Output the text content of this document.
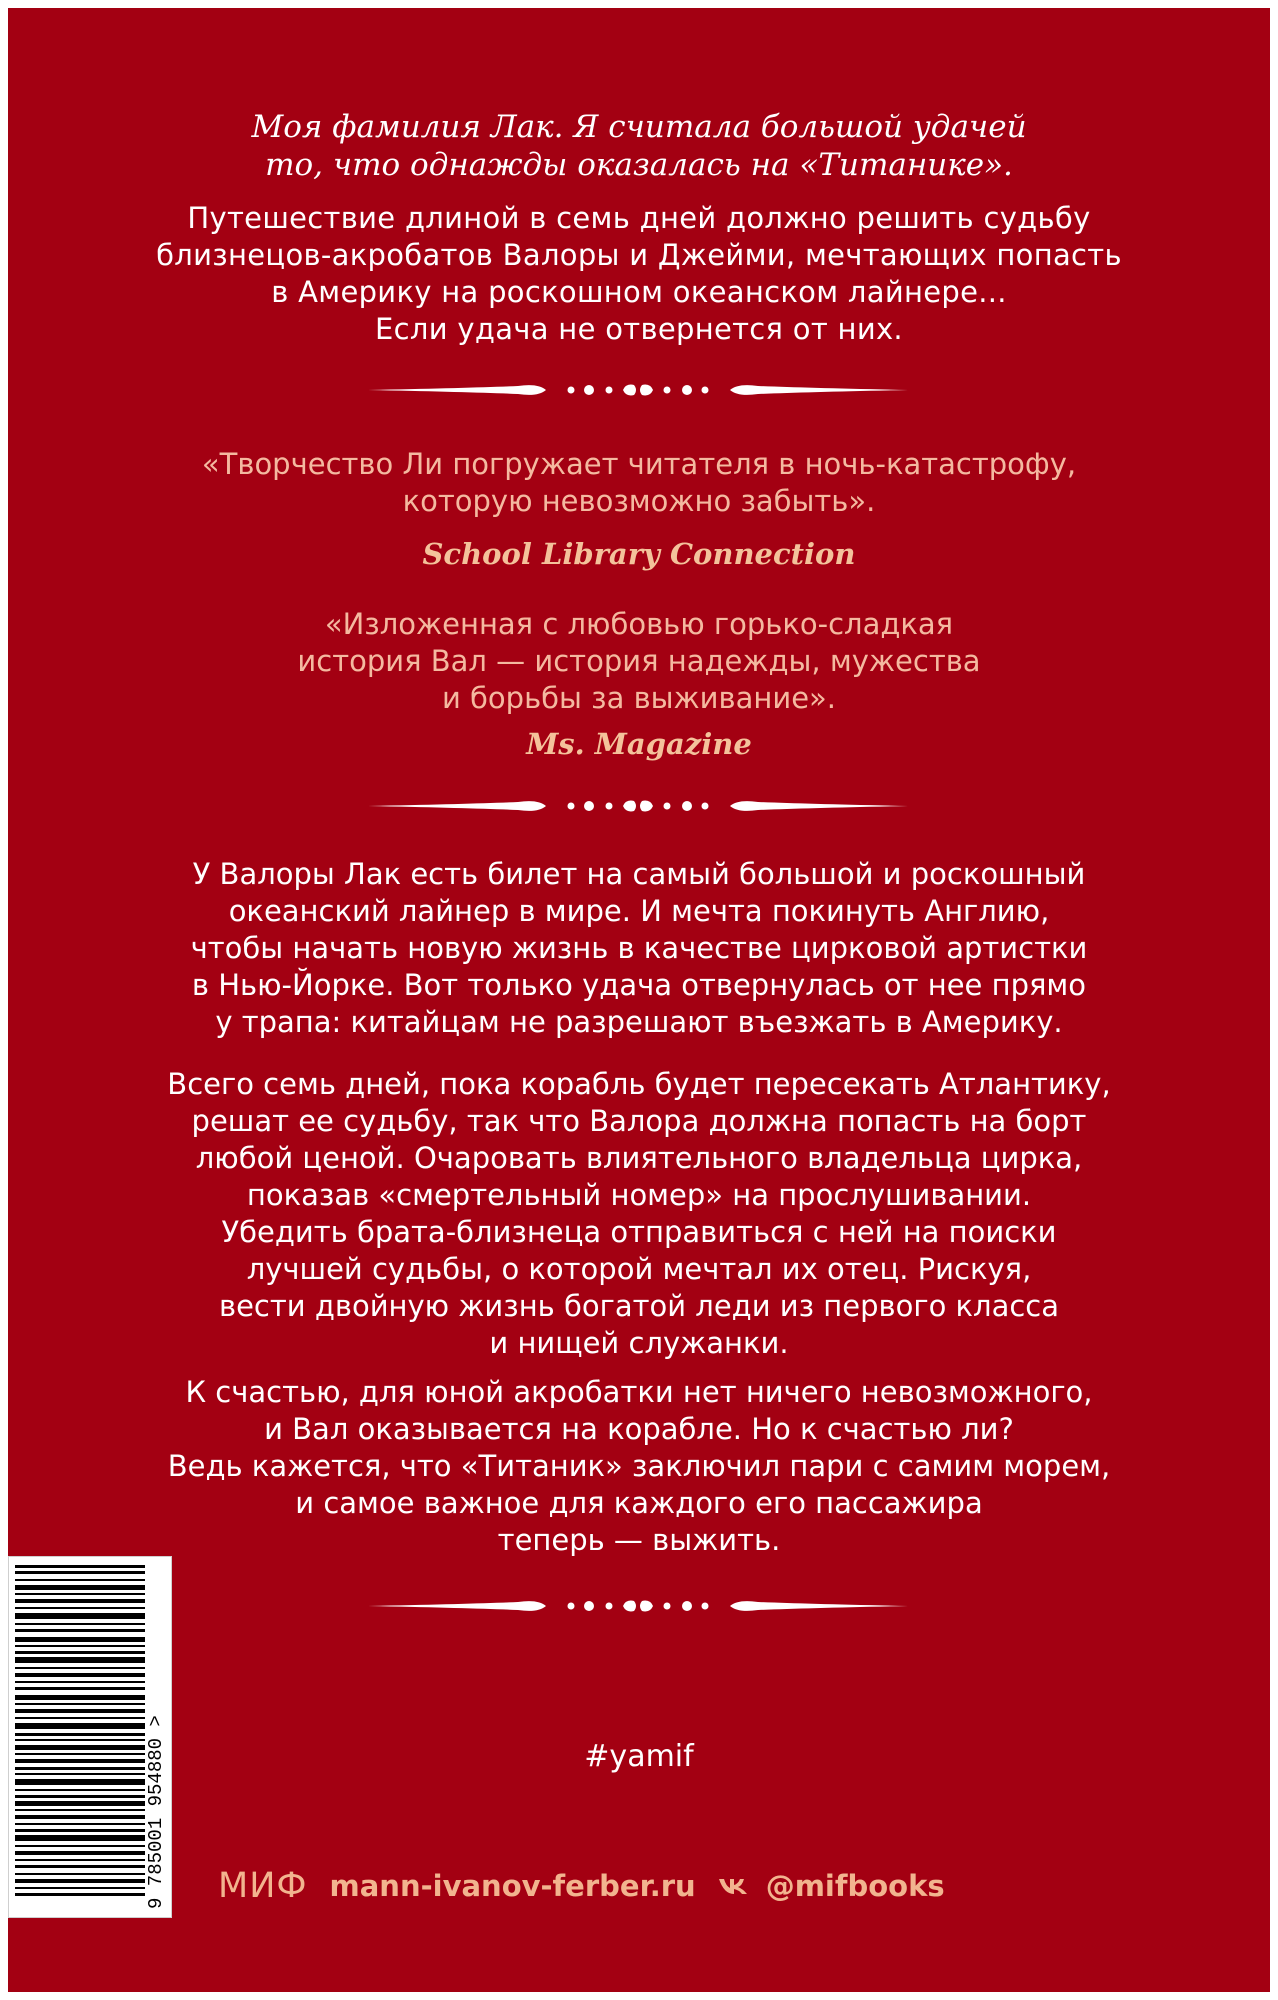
Моя фамилия Лак. Я считала большой удачей
то, что однажды оказалась на «Титанике».
Путешествие длиной в семь дней должно решить судьбу
близнецов-акробатов Валоры и Джейми, мечтающих попасть
в Америку на роскошном океанском лайнере...
Если удача не отвернется от них.
«Творчество Ли погружает читателя в ночь-катастрофу,
которую невозможно забыть».
School Library Connection
«Изложенная с любовью горько-сладкая
история Вал — история надежды, мужества
и борьбы за выживание».
Ms. Magazine
У Валоры Лак есть билет на самый большой и роскошный
океанский лайнер в мире. И мечта покинуть Англию,
чтобы начать новую жизнь в качестве цирковой артистки
в Нью-Йорке. Вот только удача отвернулась от нее прямо
у трапа: китайцам не разрешают въезжать в Америку.
Всего семь дней, пока корабль будет пересекать Атлантику,
решат ее судьбу, так что Валора должна попасть на борт
любой ценой. Очаровать влиятельного владельца цирка,
показав «смертельный номер» на прослушивании.
Убедить брата-близнеца отправиться с ней на поиски
лучшей судьбы, о которой мечтал их отец. Рискуя,
вести двойную жизнь богатой леди из первого класса
и нищей служанки.
К счастью, для юной акробатки нет ничего невозможного,
и Вал оказывается на корабле. Но к счастью ли?
Ведь кажется, что «Титаник» заключил пари с самим морем,
и самое важное для каждого его пассажира
теперь — выжить.
#yamif
9 785001 954880 > МИФ mann-ivanov-ferber.ru @mifbooks
